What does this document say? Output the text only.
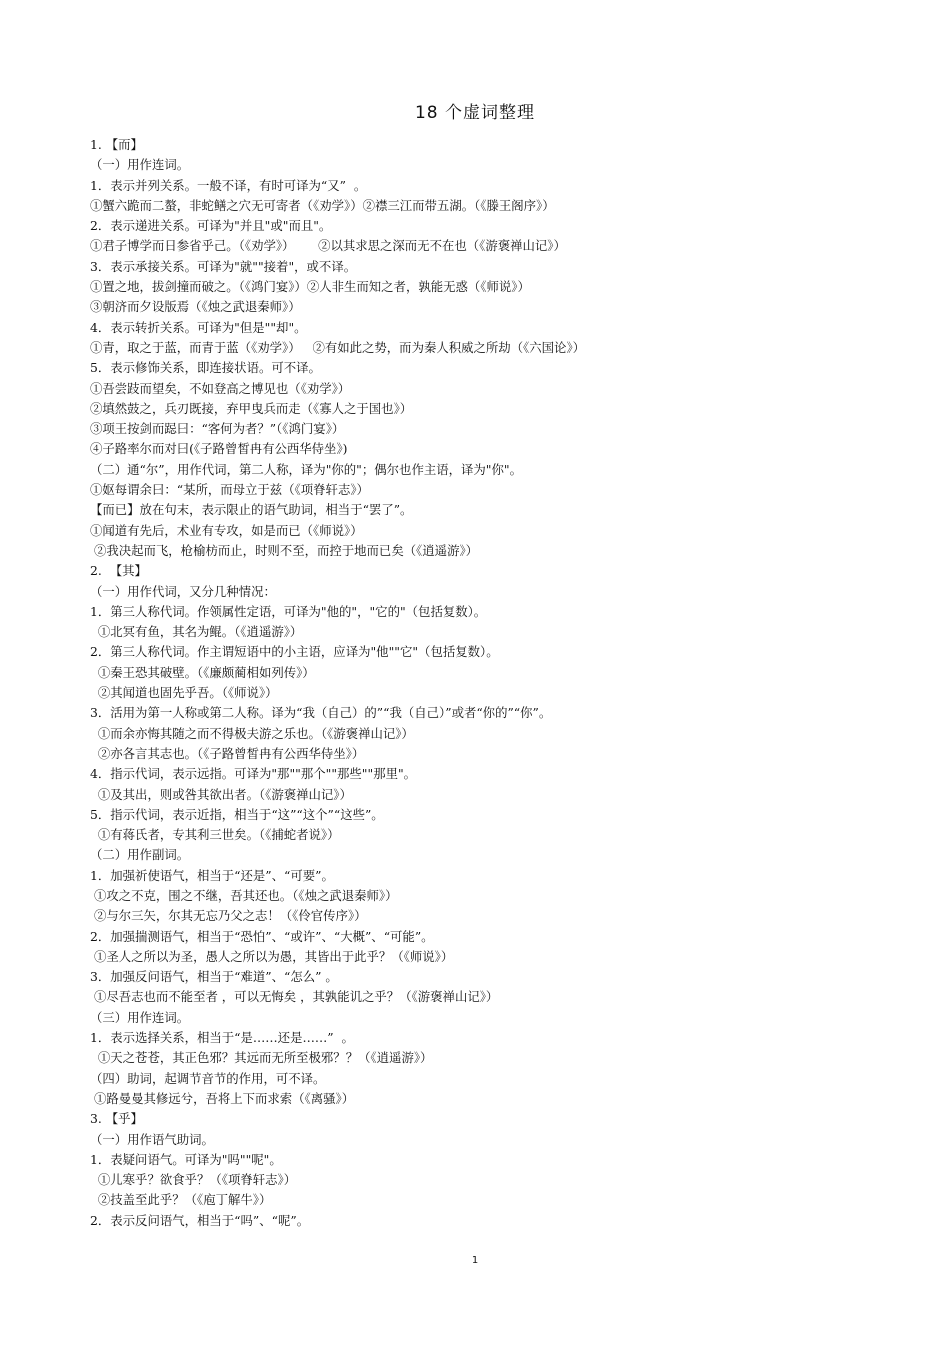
18 个虚词整理
1. 【而】
（一）用作连词。
1．表示并列关系。一般不译，有时可译为“又”  。
①蟹六跪而二螯，非蛇鳝之穴无可寄者（《劝学》）②襟三江而带五湖。（《滕王阁序》）
2．表示递进关系。可译为"并且"或"而且"。
①君子博学而日参省乎己。（《劝学》）      ②以其求思之深而无不在也（《游褒禅山记》）
3．表示承接关系。可译为"就""接着"，或不译。
①置之地，拔剑撞而破之。（《鸿门宴》）②人非生而知之者，孰能无惑（《师说》）
③朝济而夕设版焉（《烛之武退秦师》）
4．表示转折关系。可译为"但是""却"。
①青，取之于蓝，而青于蓝（《劝学》）   ②有如此之势，而为秦人积威之所劫（《六国论》）
5．表示修饰关系，即连接状语。可不译。
①吾尝跂而望矣，不如登高之博见也（《劝学》）
②填然鼓之，兵刃既接，弃甲曳兵而走（《寡人之于国也》）
③项王按剑而跽曰：“客何为者？”（《鸿门宴》）
④子路率尔而对曰(《子路曾皙冉有公西华侍坐》)
（二）通“尔”，用作代词，第二人称，译为"你的"；偶尔也作主语，译为"你"。
①妪每谓余曰：“某所，而母立于兹（《项脊轩志》）
【而已】放在句末，表示限止的语气助词，相当于“罢了”。
①闻道有先后，术业有专攻，如是而已（《师说》）
②我决起而飞，枪榆枋而止，时则不至，而控于地而已矣（《逍遥游》）
2.  【其】
（一）用作代词，又分几种情况：
1．第三人称代词。作领属性定语，可译为"他的"，"它的"（包括复数）。
①北冥有鱼，其名为鲲。（《逍遥游》）
2．第三人称代词。作主谓短语中的小主语，应译为"他""它"（包括复数）。
①秦王恐其破壁。（《廉颇蔺相如列传》）
②其闻道也固先乎吾。（《师说》）
3．活用为第一人称或第二人称。译为“我（自己）的”“我（自己）”或者“你的”“你”。
①而余亦悔其随之而不得极夫游之乐也。（《游褒禅山记》）
②亦各言其志也。（《子路曾皙冉有公西华侍坐》）
4．指示代词，表示远指。可译为"那""那个""那些""那里"。
①及其出，则或咎其欲出者。（《游褒禅山记》）
5．指示代词，表示近指，相当于“这”“这个”“这些”。
①有蒋氏者，专其利三世矣。（《捕蛇者说》）
（二）用作副词。
1．加强祈使语气，相当于“还是”、“可要”。
①攻之不克，围之不继，吾其还也。（《烛之武退秦师》）
②与尔三矢，尔其无忘乃父之志！（《伶官传序》）
2．加强揣测语气，相当于“恐怕”、“或许”、“大概”、“可能”。
①圣人之所以为圣，愚人之所以为愚，其皆出于此乎？（《师说》）
3．加强反问语气，相当于“难道”、“怎么” 。
①尽吾志也而不能至者 ，可以无悔矣 ，其孰能讥之乎？（《游褒禅山记》）
（三）用作连词。
1．表示选择关系，相当于“是……还是……”  。
①天之苍苍，其正色邪？其远而无所至极邪？？（《逍遥游》）
（四）助词，起调节音节的作用，可不译。
①路曼曼其修远兮，吾将上下而求索（《离骚》）
3. 【乎】
（一）用作语气助词。
1．表疑问语气。可译为"吗""呢"。
①儿寒乎？欲食乎？（《项脊轩志》）
②技盖至此乎？（《庖丁解牛》）
2．表示反问语气，相当于“吗”、“呢”。
1
